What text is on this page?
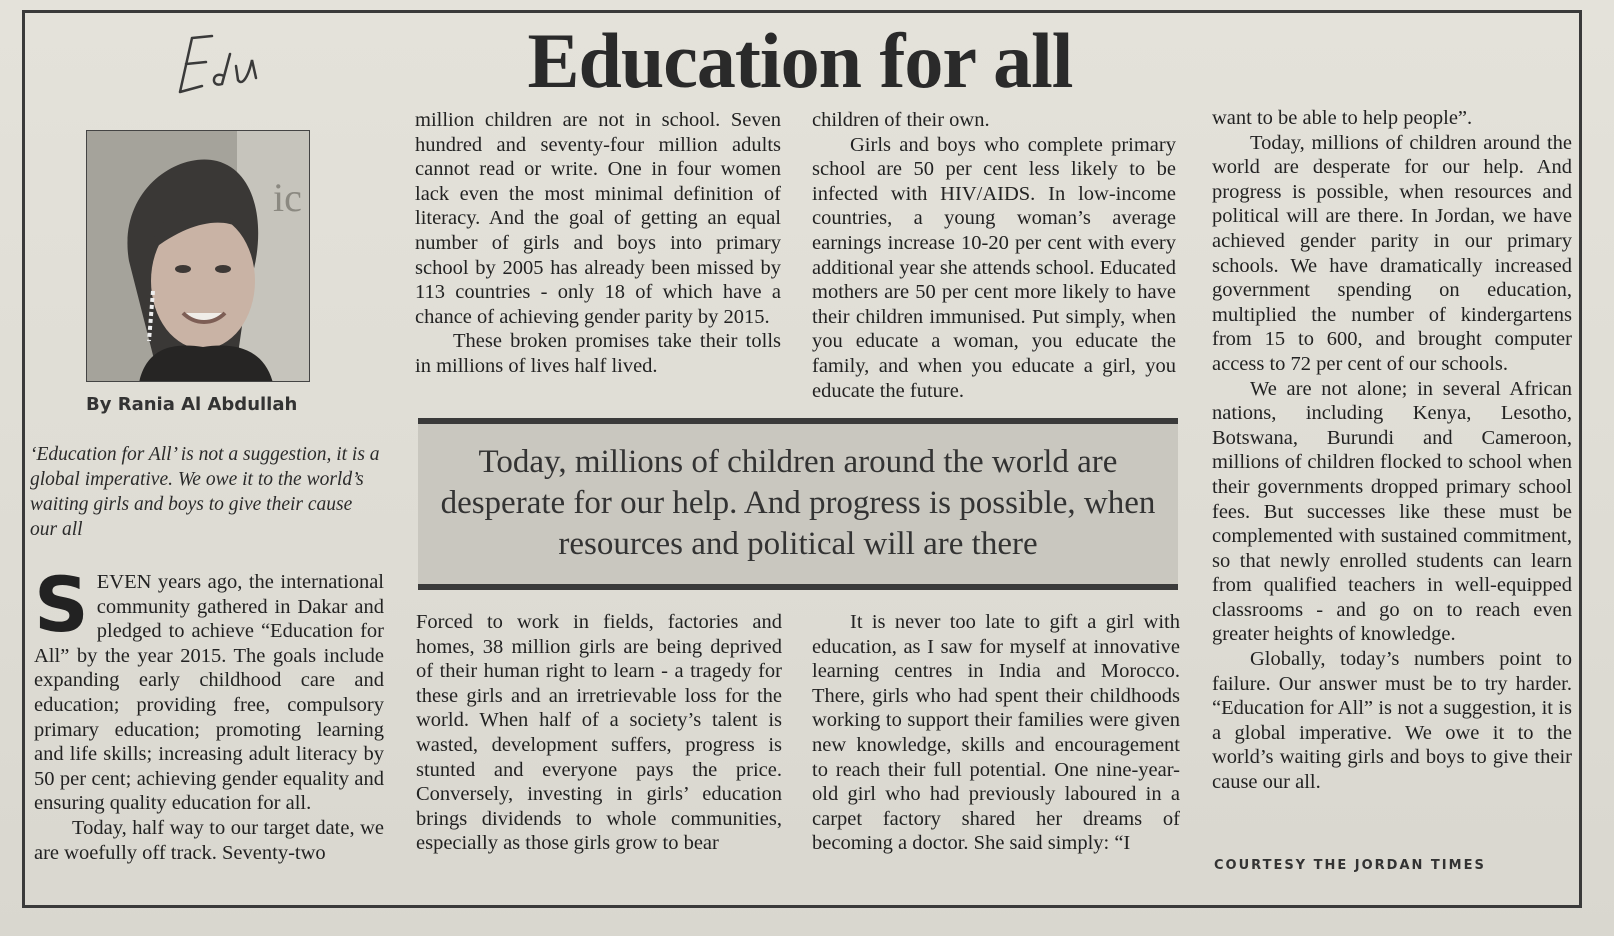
Education for all
ic
By Rania Al Abdullah

‘Education for All’ is not a suggestion, it is a global imperative. We owe it to the world’s waiting girls and boys to give their cause our all

SEVEN years ago, the international community gathered in Dakar and pledged to achieve “Education for All” by the year 2015. The goals include expanding early childhood care and education; providing free, compulsory primary education; promoting learning and life skills; increasing adult literacy by 50 per cent; achieving gender equality and ensuring quality education for all.

Today, half way to our target date, we are woefully off track. Seventy-two

million children are not in school. Seven hundred and seventy-four million adults cannot read or write. One in four women lack even the most minimal definition of literacy. And the goal of getting an equal number of girls and boys into primary school by 2005 has already been missed by 113 countries - only 18 of which have a chance of achieving gender parity by 2015.

These broken promises take their tolls in millions of lives half lived.

children of their own.

Girls and boys who complete primary school are 50 per cent less likely to be infected with HIV/AIDS. In low-income countries, a young woman’s average earnings increase 10-20 per cent with every additional year she attends school. Educated mothers are 50 per cent more likely to have their children immunised. Put simply, when you educate a woman, you educate the family, and when you educate a girl, you educate the future.

Today, millions of children around the world are desperate for our help. And progress is possible, when resources and political will are there

Forced to work in fields, factories and homes, 38 million girls are being deprived of their human right to learn - a tragedy for these girls and an irretrievable loss for the world. When half of a society’s talent is wasted, development suffers, progress is stunted and everyone pays the price. Conversely, investing in girls’ education brings dividends to whole communities, especially as those girls grow to bear

It is never too late to gift a girl with education, as I saw for myself at innovative learning centres in India and Morocco. There, girls who had spent their childhoods working to support their families were given new knowledge, skills and encouragement to reach their full potential. One nine-year-old girl who had previously laboured in a carpet factory shared her dreams of becoming a doctor. She said simply: “I

want to be able to help people”.

Today, millions of children around the world are desperate for our help. And progress is possible, when resources and political will are there. In Jordan, we have achieved gender parity in our primary schools. We have dramatically increased government spending on education, multiplied the number of kindergartens from 15 to 600, and brought computer access to 72 per cent of our schools.

We are not alone; in several African nations, including Kenya, Lesotho, Botswana, Burundi and Cameroon, millions of children flocked to school when their governments dropped primary school fees. But successes like these must be complemented with sustained commitment, so that newly enrolled students can learn from qualified teachers in well-equipped classrooms - and go on to reach even greater heights of knowledge.

Globally, today’s numbers point to failure. Our answer must be to try harder. “Education for All” is not a suggestion, it is a global imperative. We owe it to the world’s waiting girls and boys to give their cause our all.

COURTESY THE JORDAN TIMES
